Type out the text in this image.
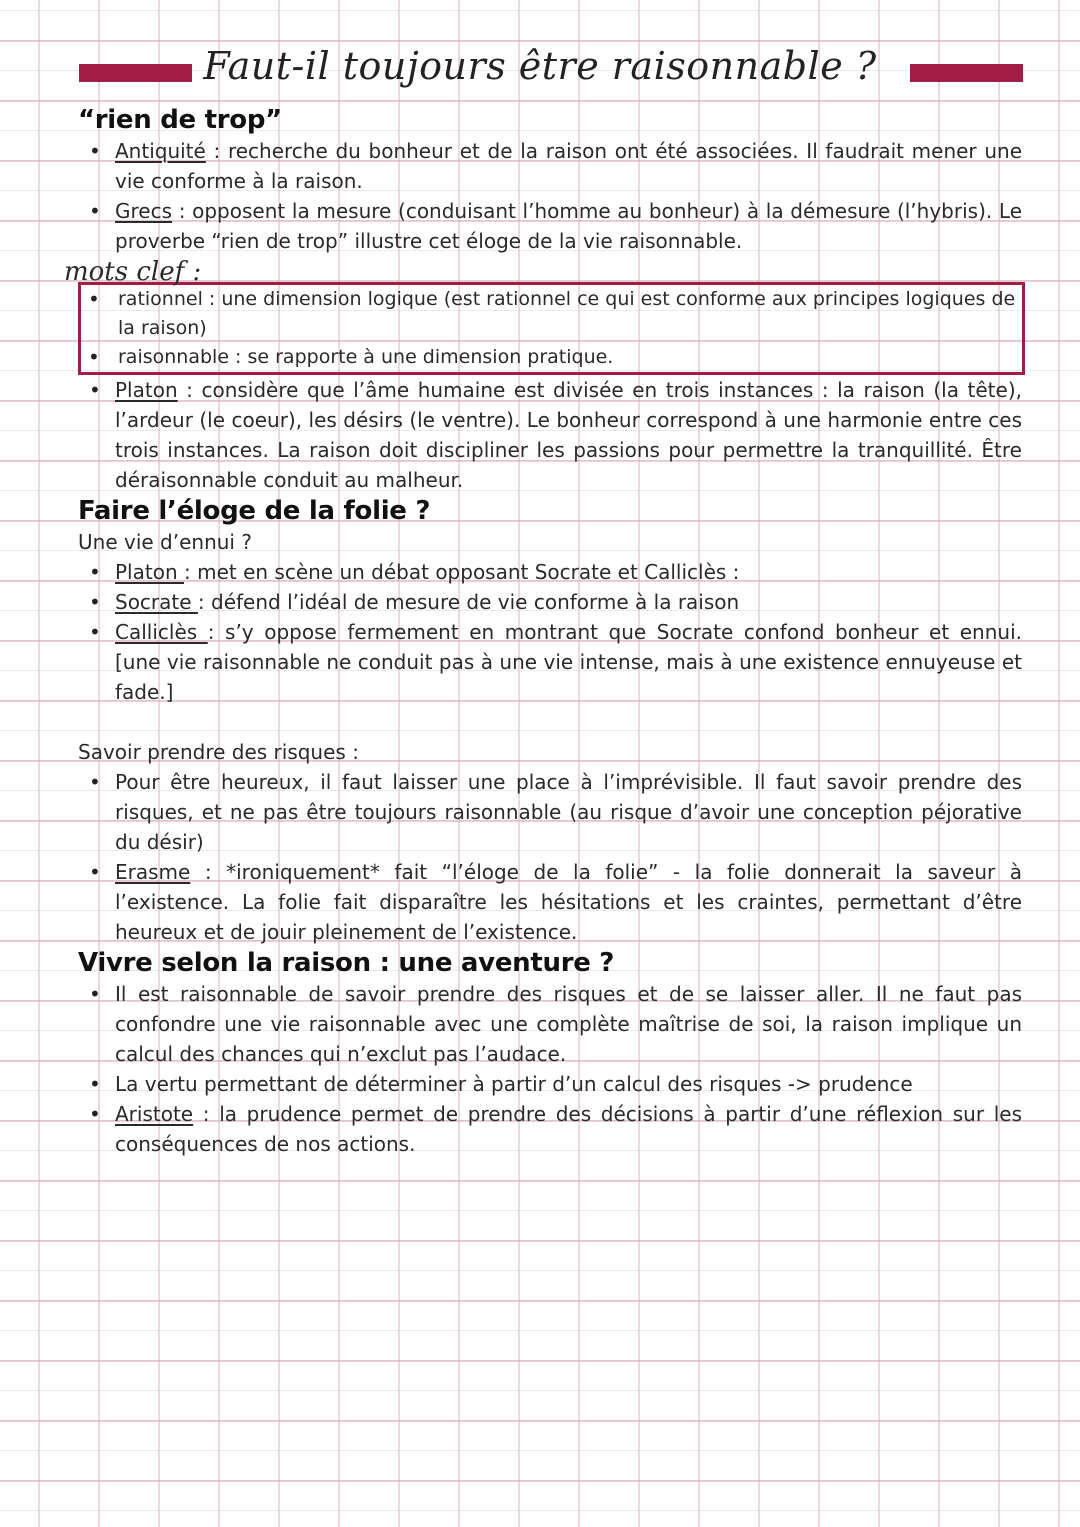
Faut-il toujours être raisonnable ?
“rien de trop”
• Antiquité : recherche du bonheur et de la raison ont été associées. Il faudrait mener une vie conforme à la raison.
• Grecs : opposent la mesure (conduisant l’homme au bonheur) à la démesure (l’hybris). Le proverbe “rien de trop” illustre cet éloge de la vie raisonnable.
mots clef :
• rationnel : une dimension logique (est rationnel ce qui est conforme aux principes logiques de la raison)
• raisonnable : se rapporte à une dimension pratique.
• Platon : considère que l’âme humaine est divisée en trois instances : la raison (la tête), l’ardeur (le coeur), les désirs (le ventre). Le bonheur correspond à une harmonie entre ces trois instances. La raison doit discipliner les passions pour permettre la tranquillité. Être déraisonnable conduit au malheur.
Faire l’éloge de la folie ?

Une vie d’ennui ?

• Platon : met en scène un débat opposant Socrate et Calliclès :
• Socrate : défend l’idéal de mesure de vie conforme à la raison
• Calliclès : s’y oppose fermement en montrant que Socrate confond bonheur et ennui. [une vie raisonnable ne conduit pas à une vie intense, mais à une existence ennuyeuse et fade.]

Savoir prendre des risques :

• Pour être heureux, il faut laisser une place à l’imprévisible. Il faut savoir prendre des risques, et ne pas être toujours raisonnable (au risque d’avoir une conception péjorative du désir)
• Erasme : *ironiquement* fait “l’éloge de la folie” - la folie donnerait la saveur à l’existence. La folie fait disparaître les hésitations et les craintes, permettant d’être heureux et de jouir pleinement de l’existence.
Vivre selon la raison : une aventure ?
• Il est raisonnable de savoir prendre des risques et de se laisser aller. Il ne faut pas confondre une vie raisonnable avec une complète maîtrise de soi, la raison implique un calcul des chances qui n’exclut pas l’audace.
• La vertu permettant de déterminer à partir d’un calcul des risques -> prudence
• Aristote : la prudence permet de prendre des décisions à partir d’une réflexion sur les conséquences de nos actions.
